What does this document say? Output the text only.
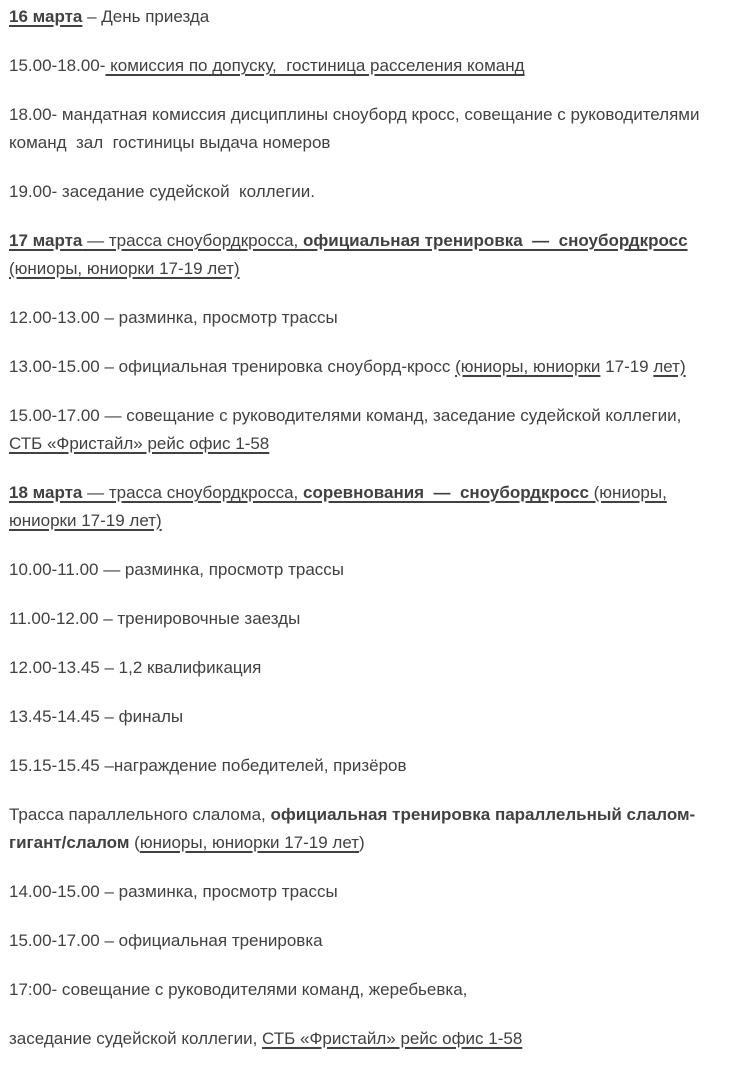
16 марта – День приезда

15.00-18.00- комиссия по допуску,  гостиница расселения команд

18.00- мандатная комиссия дисциплины сноуборд кросс, совещание с руководителями
команд  зал  гостиницы выдача номеров

19.00- заседание судейской  коллегии.

17 марта — трасса сноубордкросса, официальная тренировка  —  сноубордкросс
(юниоры, юниорки 17-19 лет)

12.00-13.00 – разминка, просмотр трассы

13.00-15.00 – официальная тренировка сноуборд-кросс (юниоры, юниорки 17-19 лет)

15.00-17.00 — совещание с руководителями команд, заседание судейской коллегии,
СТБ «Фристайл» рейс офис 1-58

18 марта — трасса сноубордкросса, соревнования  —  сноубордкросс (юниоры,
юниорки 17-19 лет)

10.00-11.00 — разминка, просмотр трассы

11.00-12.00 – тренировочные заезды

12.00-13.45 – 1,2 квалификация

13.45-14.45 – финалы

15.15-15.45 –награждение победителей, призёров

Трасса параллельного слалома, официальная тренировка параллельный слалом-
гигант/слалом (юниоры, юниорки 17-19 лет)

14.00-15.00 – разминка, просмотр трассы

15.00-17.00 – официальная тренировка

17:00- совещание с руководителями команд, жеребьевка,

заседание судейской коллегии, СТБ «Фристайл» рейс офис 1-58
